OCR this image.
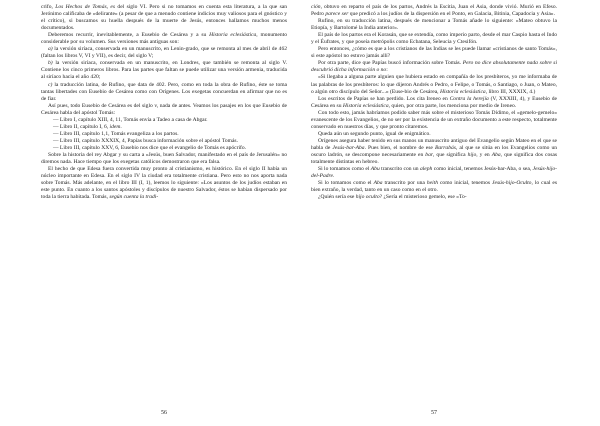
crifo, Los Hechos de Tomás, es del siglo VI. Pero si no tomamos en cuenta esta literatura, a la que san Jerónimo calificaba de «delirante» (a pesar de que a menudo contiene indicios muy valiosos para el gnóstico y el crítico), si buscamos su huella después de la muerte de Jesús, entonces hallamos muchos menos documentados.

Deberemos recurrir, inevitablemente, a Eusebio de Cesárea y a su Historia eclesiástica, monumento considerable por su volumen. Sus versiones más antiguas son:

a) la versión siríaca, conservada en un manuscrito, en Lenin-grado, que se remonta al mes de abril de 462 (faltan los libros V, VI y VII), es decir, del siglo V;

b) la versión siríaca, conservada en un manuscrito, en Londres, que también se remonta al siglo V. Contiene los cinco primeros libros. Para las partes que faltan se puede utilizar una versión armenia, traducida al siríaco hacia el año 420;

c) la traducción latina, de Rufino, que data de 402. Pero, como en toda la obra de Rufino, éste se toma tantas libertades con Eusebio de Cesárea como con Orígenes. Los exegetas concuerdan en afirmar que no es de fiar.

Así pues, todo Eusebio de Cesárea es del siglo v, nada de antes. Veamos los pasajes en los que Eusebio de Cesárea habla del apóstol Tomás:

— Libro I, capítulo XIII, 4, 11, Tomás envía a Tadeo a casa de Abgar.

— Libro II, capítulo I, 6, idem.

— Libro III, capítulo 1,1, Tomás evangeliza a los partos.

— Libro III, capítulo XXXIX, 4, Papías busca información sobre el apóstol Tomás.

— Libro III, capítulo XXV, 6, Eusebio nos dice que el evangelio de Tomás es apócrifo.

Sobre la historia del rey Abgar y su carta a «Jesús, buen Salvador, manifestado en el país de Jerusalén» no diremos nada. Hace tiempo que los exegetas católicos demostraron que era falsa.

El hecho de que Edesa fuera convertida muy pronto al cristianismo, es histórico. En el siglo II había un núcleo importante en Edesa. En el siglo IV la ciudad era totalmente cristiana. Pero esto no nos aporta nada sobre Tomás. Más adelante, en el libro III (I, 1), leemos lo siguiente: «Los asuntos de los judíos estaban en este punto. En cuanto a los santos apóstoles y discípulos de nuestro Salvador, éstos se habían dispersado por toda la tierra habitada. Tomás, según cuenta la tradi-

56

ción, obtuvo en reparto el país de los partos, Andrés la Escitia, Juan el Asia, donde vivió. Murió en Efeso. Pedro parece ser que predicó a los judíos de la dispersión en el Ponto, en Galacia, Bitinia, Capadocia y Asia».

Rufino, en su traducción latina, después de mencionar a Tomás añade lo siguiente: «Mateo obtuvo la Etiopía, y Bartolomé la India anterior».

El país de los partos era el Korasán, que se extendía, como imperio parto, desde el mar Caspio hasta el Indo y el Éufrates, y que poseía metrópolis como Ecbatana, Seleucia y Ctesifón.

Pero entonces, ¿cómo es que a los cristianos de las Indias se les puede llamar «cristianos de santo Tomás», si este apóstol no estuvo jamás allí?

Por otra parte, dice que Papías buscó información sobre Tomás. Pero no dice absolutamente nada sobre si descubrió dicha información o no:

«Si llegaba a alguna parte alguien que hubiera estado en compañía de los presbíteros, yo me informaba de las palabras de los presbíteros: lo que dijeron Andrés o Pedro, o Felipe, o Tomás, o Santiago, o Juan, o Mateo, o algún otro discípulo del Señor...» (Euse-bio de Cesárea, Historia eclesiástica, libro III, XXXIX, 4.)

Los escritos de Papías se han perdido. Los cita Ireneo en Contra la herejía (V, XXXIII, 4), y Eusebio de Cesárea en su Historia eclesiástica, quien, por otra parte, los menciona por medio de Ireneo.

Con todo esto, jamás habríamos podido saber más sobre el misterioso Tomás Dídimo, el «gemelo-gemelo» evanescente de los Evangelios, de no ser por la existencia de un extraño documento a este respecto, totalmente conservado en nuestros días, y que pronto citaremos.

Queda aún un segundo punto, igual de enigmático.

Orígenes asegura haber tenido en sus manos un manuscrito antiguo del Evangelio según Mateo en el que se habla de Jesús-bar-Aba. Pues bien, el nombre de ese Barrabás, al que se sitúa en los Evangelios como un oscuro ladrón, se descompone necesariamente en bar, que significa hijo, y en Aba, que significa dos cosas totalmente distintas en hebreo.

Si lo tomamos como el Abu transcrito con un aleph como inicial, tenemos Jesús-bar-Aba, o sea, Jesús-hijo-del-Padre.

Si lo tomamos como el Aba transcrito por una heith como inicial, tenemos Jesús-hijo-Oculto, lo cual es bien extraño, la verdad, tanto en un caso como en el otro.

¿Quién sería ese hijo oculto? ¿Sería el misterioso gemelo, ese «To-

57
